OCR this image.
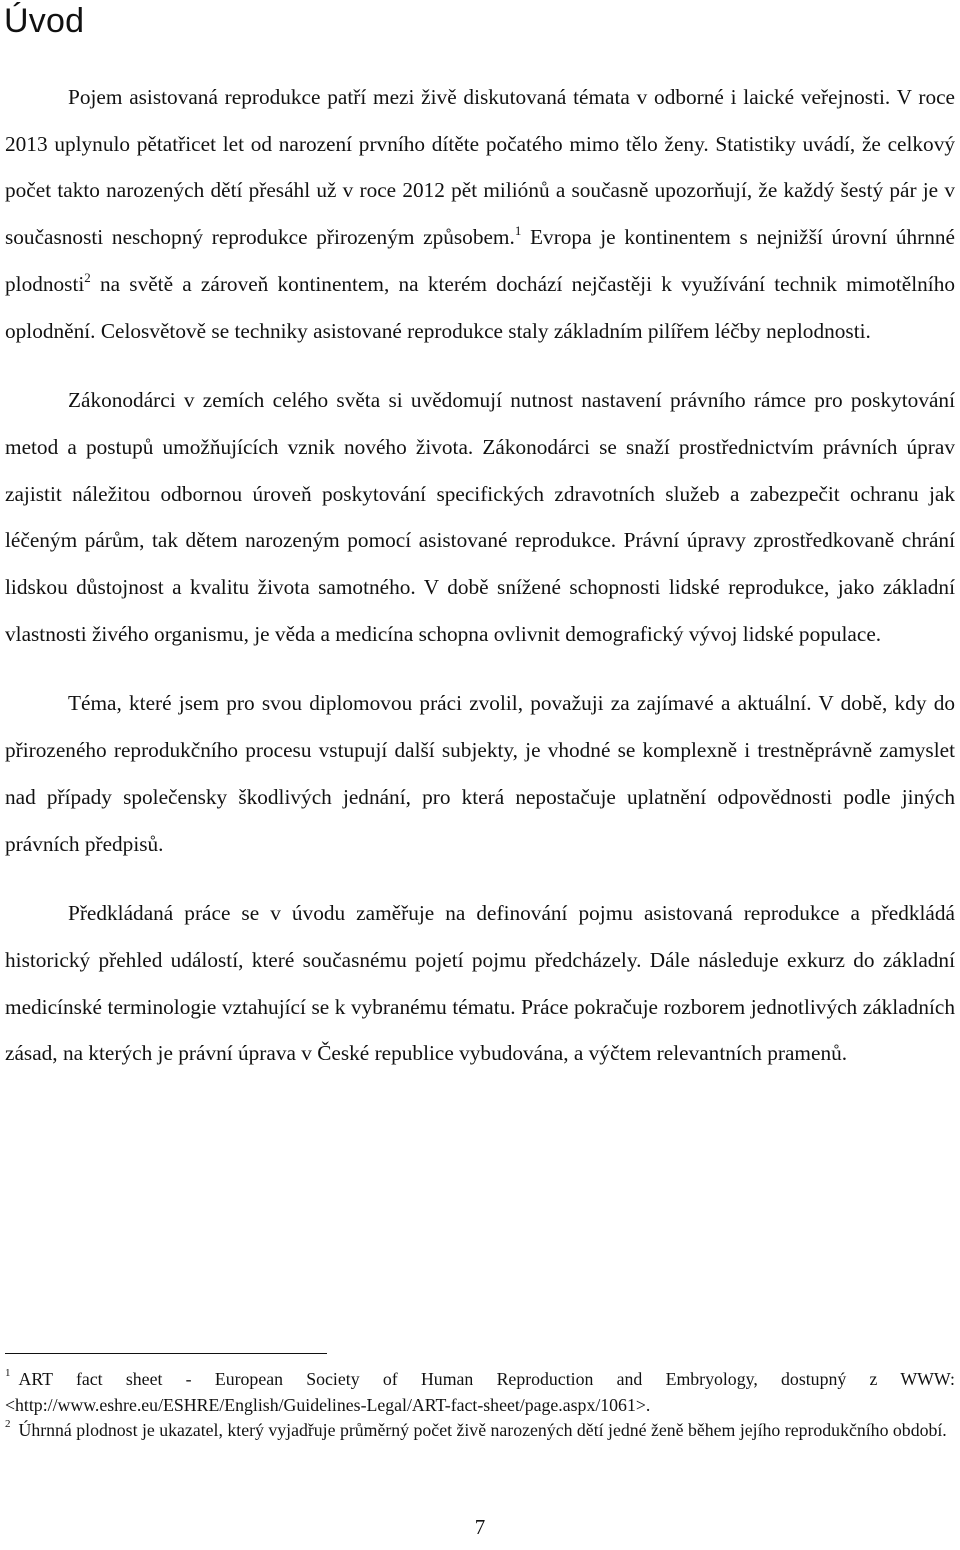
Úvod

Pojem asistovaná reprodukce patří mezi živě diskutovaná témata v odborné i laické veřejnosti. V roce 2013 uplynulo pětatřicet let od narození prvního dítěte počatého mimo tělo ženy. Statistiky uvádí, že celkový počet takto narozených dětí přesáhl už v roce 2012 pět miliónů a současně upozorňují, že každý šestý pár je v současnosti neschopný reprodukce přirozeným způsobem.$^1$ Evropa je kontinentem s nejnižší úrovní úhrnné plodnosti$^2$ na světě a zároveň kontinentem, na kterém dochází nejčastěji k využívání technik mimotělního oplodnění. Celosvětově se techniky asistované reprodukce staly základním pilířem léčby neplodnosti.

Zákonodárci v zemích celého světa si uvědomují nutnost nastavení právního rámce pro poskytování metod a postupů umožňujících vznik nového života. Zákonodárci se snaží prostřednictvím právních úprav zajistit náležitou odbornou úroveň poskytování specifických zdravotních služeb a zabezpečit ochranu jak léčeným párům, tak dětem narozeným pomocí asistované reprodukce. Právní úpravy zprostředkovaně chrání lidskou důstojnost a kvalitu života samotného. V době snížené schopnosti lidské reprodukce, jako základní vlastnosti živého organismu, je věda a medicína schopna ovlivnit demografický vývoj lidské populace.

Téma, které jsem pro svou diplomovou práci zvolil, považuji za zajímavé a aktuální. V době, kdy do přirozeného reprodukčního procesu vstupují další subjekty, je vhodné se komplexně i trestněprávně zamyslet nad případy společensky škodlivých jednání, pro která nepostačuje uplatnění odpovědnosti podle jiných právních předpisů.

Předkládaná práce se v úvodu zaměřuje na definování pojmu asistovaná reprodukce a předkládá historický přehled událostí, které současnému pojetí pojmu předcházely. Dále následuje exkurz do základní medicínské terminologie vztahující se k vybranému tématu. Práce pokračuje rozborem jednotlivých základních zásad, na kterých je právní úprava v České republice vybudována, a výčtem relevantních pramenů.

$^1$ ART fact sheet - European Society of Human Reproduction and Embryology, dostupný z WWW: <http://www.eshre.eu/ESHRE/English/Guidelines-Legal/ART-fact-sheet/page.aspx/1061>.

$^2$ Úhrnná plodnost je ukazatel, který vyjadřuje průměrný počet živě narozených dětí jedné ženě během jejího reprodukčního období.

7
